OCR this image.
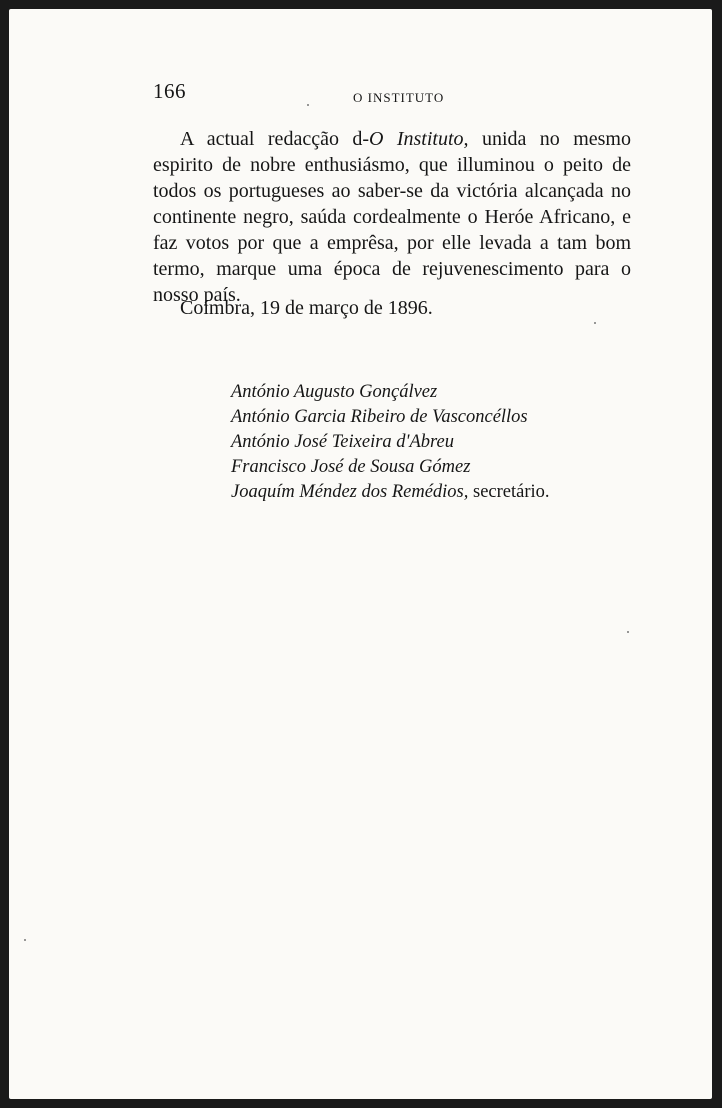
166	O INSTITUTO

A actual redacção d-O Instituto, unida no mesmo espirito de nobre enthusiásmo, que illuminou o peito de todos os portugueses ao saber-se da victória alcançada no continente negro, saúda cordealmente o Heróe Africano, e faz votos por que a emprêsa, por elle levada a tam bom termo, marque uma época de rejuvenescimento para o nosso país.

Coímbra, 19 de março de 1896.
António Augusto Gonçálvez
António Garcia Ribeiro de Vasconcéllos
António José Teixeira d'Abreu
Francisco José de Sousa Gómez
Joaquím Méndez dos Remédios, secretário.
